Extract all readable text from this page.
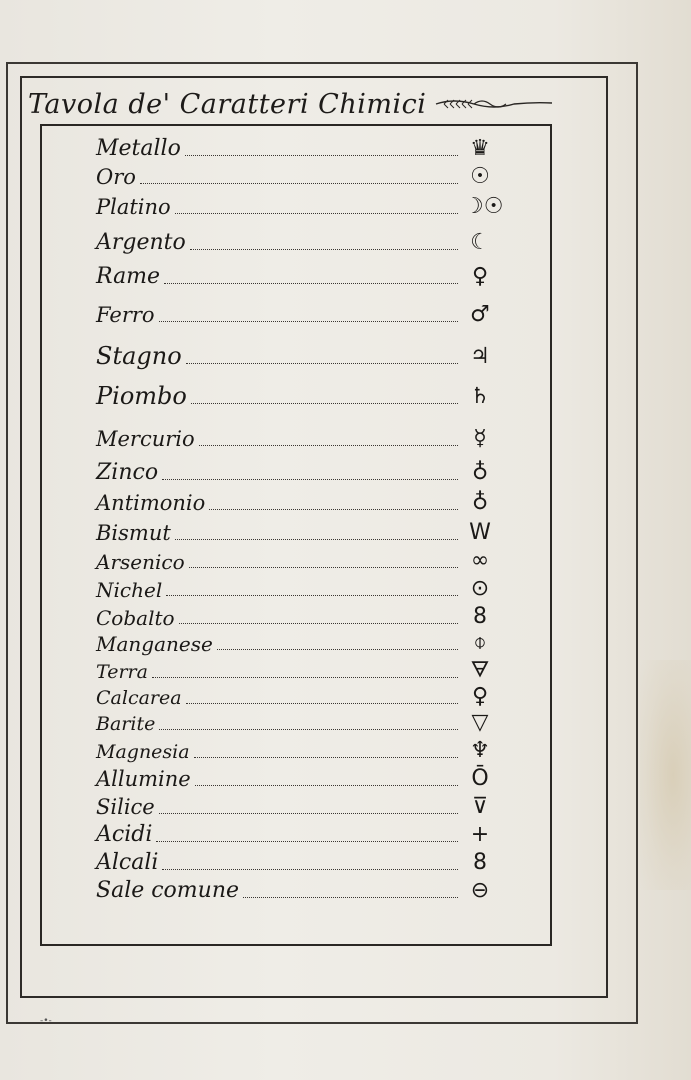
Tavola de' Caratteri Chimici
Metallo	♛
Oro	☉
Platino	☽☉
Argento	☾
Rame	♀
Ferro	♂
Stagno	♃
Piombo	♄
Mercurio	☿
Zinco	♁
Antimonio	♁
Bismut	W
Arsenico	∞
Nichel	⊙
Cobalto	8
Manganese	⌽
Terra	🜃
Calcarea	♀
Barite	▽
Magnesia	♆
Allumine	Ō
Silice	⊽
Acidi	+
Alcali	8
Sale comune	⊖
-•-
